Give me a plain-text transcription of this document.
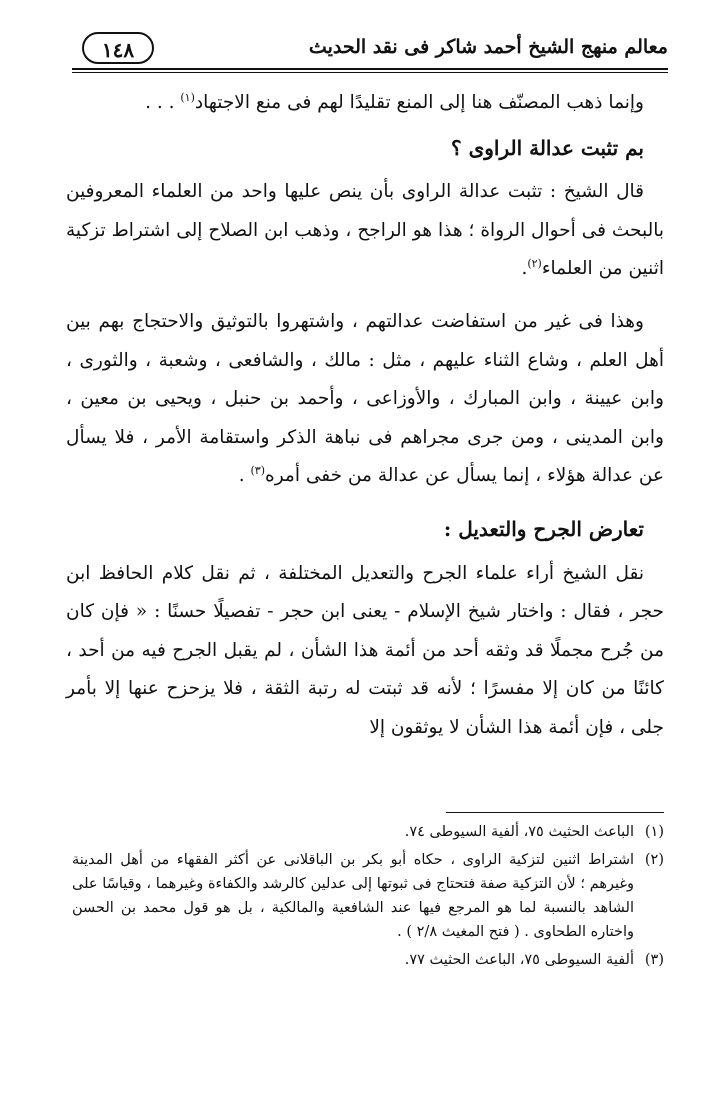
معالم منهج الشيخ أحمد شاكر فى نقد الحديث
١٤٨

وإنما ذهب المصنّف هنا إلى المنع تقليدًا لهم فى منع الاجتهاد$^{(١)}$ . . .

بم تثبت عدالة الراوى ؟

قال الشيخ : تثبت عدالة الراوى بأن ينص عليها واحد من العلماء المعروفين بالبحث فى أحوال الرواة ؛ هذا هو الراجح ، وذهب ابن الصلاح إلى اشتراط تزكية اثنين من العلماء$^{(٢)}$.

وهذا فى غير من استفاضت عدالتهم ، واشتهروا بالتوثيق والاحتجاج بهم بين أهل العلم ، وشاع الثناء عليهم ، مثل : مالك ، والشافعى ، وشعبة ، والثورى ، وابن عيينة ، وابن المبارك ، والأوزاعى ، وأحمد بن حنبل ، ويحيى بن معين ، وابن المدينى ، ومن جرى مجراهم فى نباهة الذكر واستقامة الأمر ، فلا يسأل عن عدالة هؤلاء ، إنما يسأل عن عدالة من خفى أمره$^{(٣)}$ .

تعارض الجرح والتعديل :

نقل الشيخ أراء علماء الجرح والتعديل المختلفة ، ثم نقل كلام الحافظ ابن حجر ، فقال : واختار شيخ الإسلام - يعنى ابن حجر - تفصيلًا حسنًا : « فإن كان من جُرح مجملًا قد وثقه أحد من أئمة هذا الشأن ، لم يقبل الجرح فيه من أحد ، كائنًا من كان إلا مفسرًا ؛ لأنه قد ثبتت له رتبة الثقة ، فلا يزحزح عنها إلا بأمر جلى ، فإن أئمة هذا الشأن لا يوثقون إلا

(١)
الباعث الحثيث ٧٥، ألفية السيوطى ٧٤.
(٢)
اشتراط اثنين لتزكية الراوى ، حكاه أبو بكر بن الباقلانى عن أكثر الفقهاء من أهل المدينة وغيرهم ؛ لأن التزكية صفة فتحتاج فى ثبوتها إلى عدلين كالرشد والكفاءة وغيرهما ، وقياسًا على الشاهد بالنسبة لما هو المرجع فيها عند الشافعية والمالكية ، بل هو قول محمد بن الحسن واختاره الطحاوى . ( فتح المغيث ٢/٨ ) .
(٣)
ألفية السيوطى ٧٥، الباعث الحثيث ٧٧.
